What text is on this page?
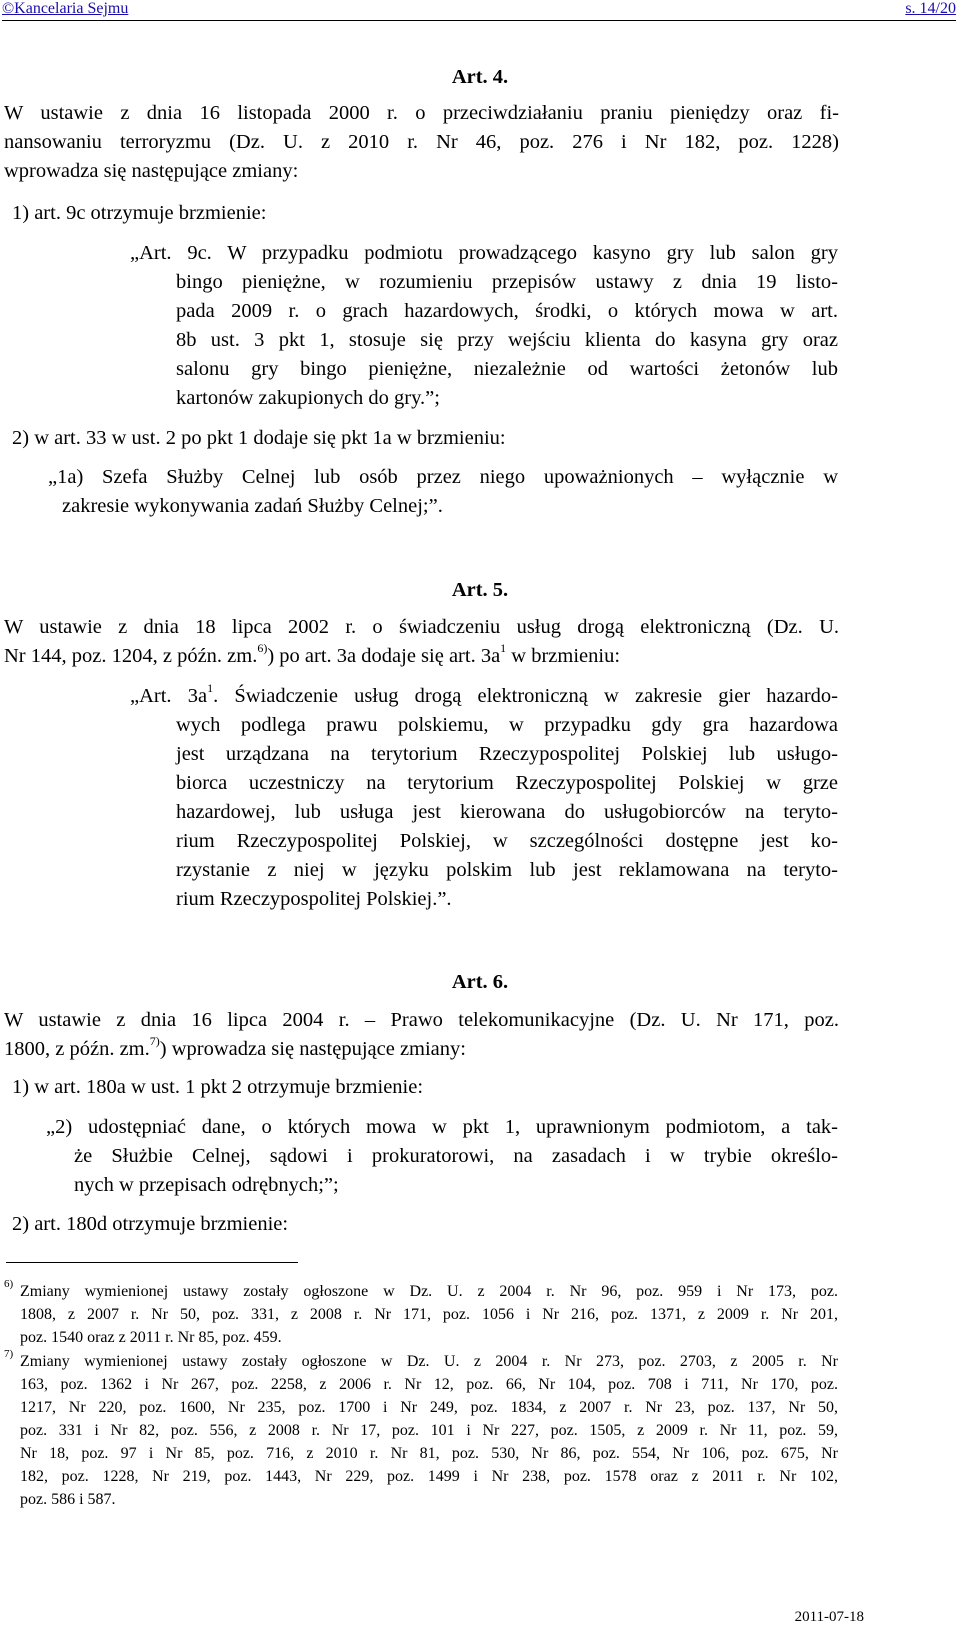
©Kancelaria Sejmu	s. 14/20
Art. 4.
W ustawie z dnia 16 listopada 2000 r. o przeciwdziałaniu praniu pieniędzy oraz fi-
nansowaniu terroryzmu (Dz. U. z 2010 r. Nr 46, poz. 276 i Nr 182, poz. 1228)
wprowadza się następujące zmiany:
1) art. 9c otrzymuje brzmienie:
„Art. 9c. W przypadku podmiotu prowadzącego kasyno gry lub salon gry
bingo pieniężne, w rozumieniu przepisów ustawy z dnia 19 listo-
pada 2009 r. o grach hazardowych, środki, o których mowa w art.
8b ust. 3 pkt 1, stosuje się przy wejściu klienta do kasyna gry oraz
salonu gry bingo pieniężne, niezależnie od wartości żetonów lub
kartonów zakupionych do gry.”;
2) w art. 33 w ust. 2 po pkt 1 dodaje się pkt 1a w brzmieniu:
„1a) Szefa Służby Celnej lub osób przez niego upoważnionych – wyłącznie w
zakresie wykonywania zadań Służby Celnej;”.
Art. 5.
W ustawie z dnia 18 lipca 2002 r. o świadczeniu usług drogą elektroniczną (Dz. U.
Nr 144, poz. 1204, z późn. zm.$^{6)}$) po art. 3a dodaje się art. $3a^1$ w brzmieniu:
„Art. $3a^1$. Świadczenie usług drogą elektroniczną w zakresie gier hazardo-
wych podlega prawu polskiemu, w przypadku gdy gra hazardowa
jest urządzana na terytorium Rzeczypospolitej Polskiej lub usługo-
biorca uczestniczy na terytorium Rzeczypospolitej Polskiej w grze
hazardowej, lub usługa jest kierowana do usługobiorców na teryto-
rium Rzeczypospolitej Polskiej, w szczególności dostępne jest ko-
rzystanie z niej w języku polskim lub jest reklamowana na teryto-
rium Rzeczypospolitej Polskiej.”.
Art. 6.
W ustawie z dnia 16 lipca 2004 r. – Prawo telekomunikacyjne (Dz. U. Nr 171, poz.
1800, z późn. zm.$^{7)}$) wprowadza się następujące zmiany:
1) w art. 180a w ust. 1 pkt 2 otrzymuje brzmienie:
„2) udostępniać dane, o których mowa w pkt 1, uprawnionym podmiotom, a tak-
że Służbie Celnej, sądowi i prokuratorowi, na zasadach i w trybie określo-
nych w przepisach odrębnych;”;
2) art. 180d otrzymuje brzmienie:
$^{6)}$ Zmiany wymienionej ustawy zostały ogłoszone w Dz. U. z 2004 r. Nr 96, poz. 959 i Nr 173, poz.
1808, z 2007 r. Nr 50, poz. 331, z 2008 r. Nr 171, poz. 1056 i Nr 216, poz. 1371, z 2009 r. Nr 201,
poz. 1540 oraz z 2011 r. Nr 85, poz. 459.
$^{7)}$ Zmiany wymienionej ustawy zostały ogłoszone w Dz. U. z 2004 r. Nr 273, poz. 2703, z 2005 r. Nr
163, poz. 1362 i Nr 267, poz. 2258, z 2006 r. Nr 12, poz. 66, Nr 104, poz. 708 i 711, Nr 170, poz.
1217, Nr 220, poz. 1600, Nr 235, poz. 1700 i Nr 249, poz. 1834, z 2007 r. Nr 23, poz. 137, Nr 50,
poz. 331 i Nr 82, poz. 556, z 2008 r. Nr 17, poz. 101 i Nr 227, poz. 1505, z 2009 r. Nr 11, poz. 59,
Nr 18, poz. 97 i Nr 85, poz. 716, z 2010 r. Nr 81, poz. 530, Nr 86, poz. 554, Nr 106, poz. 675, Nr
182, poz. 1228, Nr 219, poz. 1443, Nr 229, poz. 1499 i Nr 238, poz. 1578 oraz z 2011 r. Nr 102,
poz. 586 i 587.
2011-07-18
